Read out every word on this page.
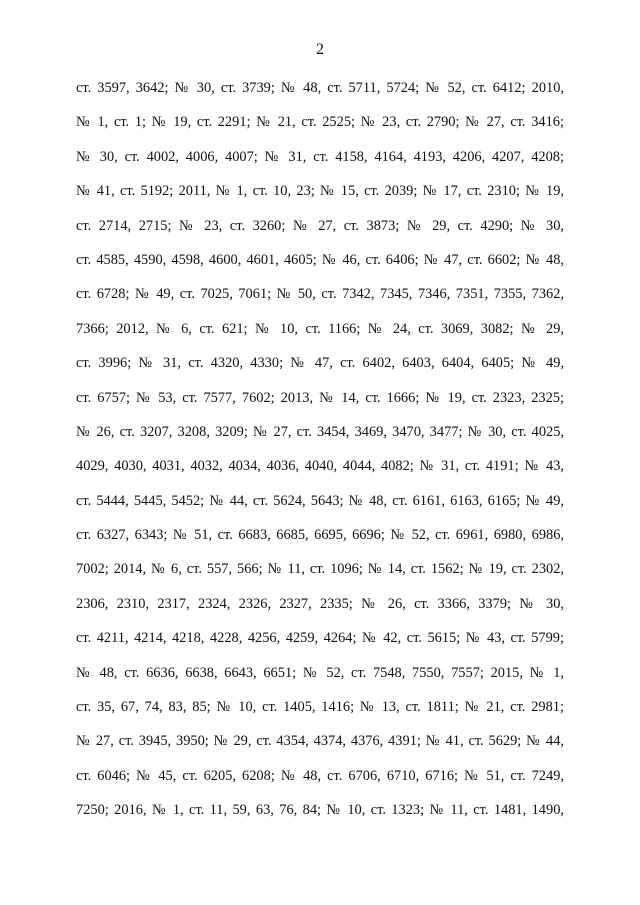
2
ст. 3597, 3642; № 30, ст. 3739; № 48, ст. 5711, 5724; № 52, ст. 6412; 2010,
№ 1, ст. 1; № 19, ст. 2291; № 21, ст. 2525; № 23, ст. 2790; № 27, ст. 3416;
№ 30, ст. 4002, 4006, 4007; № 31, ст. 4158, 4164, 4193, 4206, 4207, 4208;
№ 41, ст. 5192; 2011, № 1, ст. 10, 23; № 15, ст. 2039; № 17, ст. 2310; № 19,
ст. 2714, 2715; № 23, ст. 3260; № 27, ст. 3873; № 29, ст. 4290; № 30,
ст. 4585, 4590, 4598, 4600, 4601, 4605; № 46, ст. 6406; № 47, ст. 6602; № 48,
ст. 6728; № 49, ст. 7025, 7061; № 50, ст. 7342, 7345, 7346, 7351, 7355, 7362,
7366; 2012, № 6, ст. 621; № 10, ст. 1166; № 24, ст. 3069, 3082; № 29,
ст. 3996; № 31, ст. 4320, 4330; № 47, ст. 6402, 6403, 6404, 6405; № 49,
ст. 6757; № 53, ст. 7577, 7602; 2013, № 14, ст. 1666; № 19, ст. 2323, 2325;
№ 26, ст. 3207, 3208, 3209; № 27, ст. 3454, 3469, 3470, 3477; № 30, ст. 4025,
4029, 4030, 4031, 4032, 4034, 4036, 4040, 4044, 4082; № 31, ст. 4191; № 43,
ст. 5444, 5445, 5452; № 44, ст. 5624, 5643; № 48, ст. 6161, 6163, 6165; № 49,
ст. 6327, 6343; № 51, ст. 6683, 6685, 6695, 6696; № 52, ст. 6961, 6980, 6986,
7002; 2014, № 6, ст. 557, 566; № 11, ст. 1096; № 14, ст. 1562; № 19, ст. 2302,
2306, 2310, 2317, 2324, 2326, 2327, 2335; № 26, ст. 3366, 3379; № 30,
ст. 4211, 4214, 4218, 4228, 4256, 4259, 4264; № 42, ст. 5615; № 43, ст. 5799;
№ 48, ст. 6636, 6638, 6643, 6651; № 52, ст. 7548, 7550, 7557; 2015, № 1,
ст. 35, 67, 74, 83, 85; № 10, ст. 1405, 1416; № 13, ст. 1811; № 21, ст. 2981;
№ 27, ст. 3945, 3950; № 29, ст. 4354, 4374, 4376, 4391; № 41, ст. 5629; № 44,
ст. 6046; № 45, ст. 6205, 6208; № 48, ст. 6706, 6710, 6716; № 51, ст. 7249,
7250; 2016, № 1, ст. 11, 59, 63, 76, 84; № 10, ст. 1323; № 11, ст. 1481, 1490,
